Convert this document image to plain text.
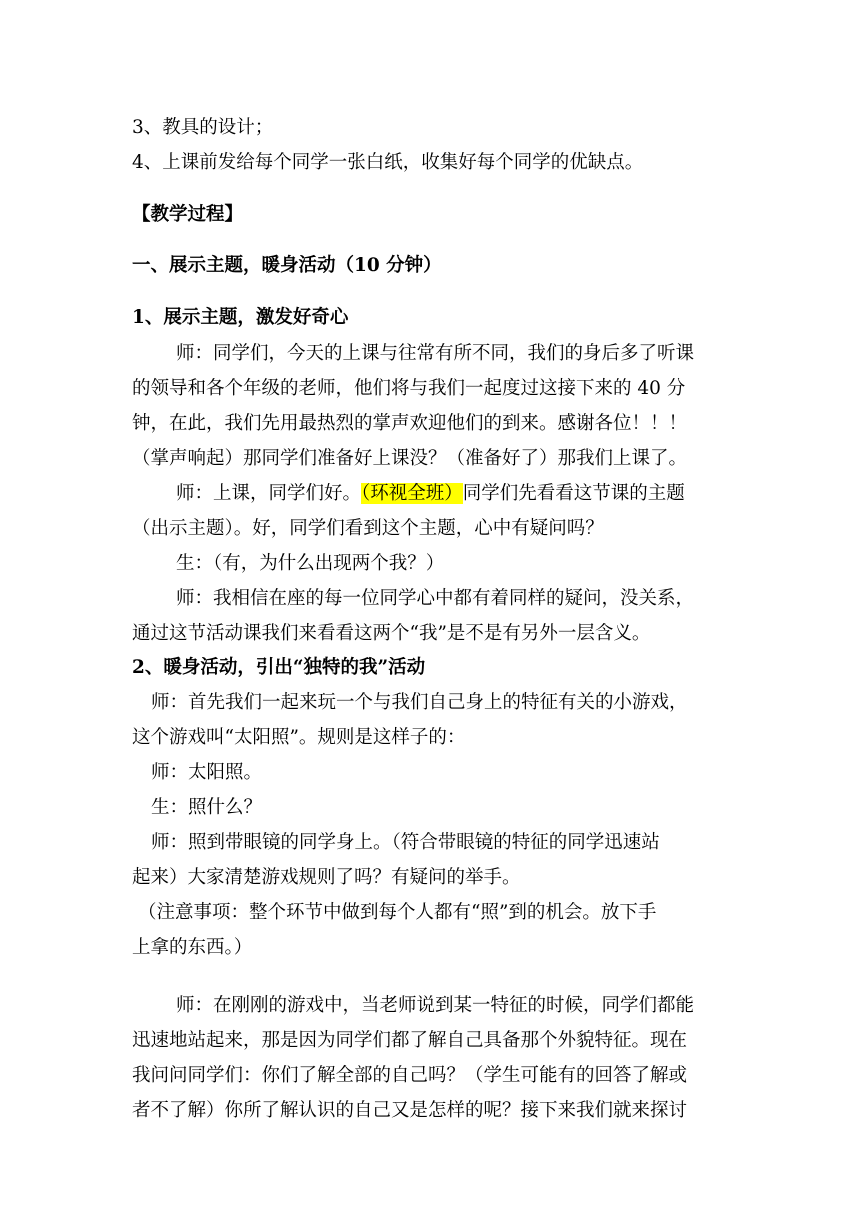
3、教具的设计；
4、上课前发给每个同学一张白纸，收集好每个同学的优缺点。
【教学过程】
一、展示主题，暖身活动（10 分钟）
1、展示主题，激发好奇心
师：同学们，今天的上课与往常有所不同，我们的身后多了听课
的领导和各个年级的老师，他们将与我们一起度过这接下来的 40 分
钟，在此，我们先用最热烈的掌声欢迎他们的到来。感谢各位！！！
（掌声响起）那同学们准备好上课没？（准备好了）那我们上课了。
师：上课，同学们好。（环视全班）同学们先看看这节课的主题
（出示主题）。好，同学们看到这个主题，心中有疑问吗？
生：（有，为什么出现两个我？）
师：我相信在座的每一位同学心中都有着同样的疑问，没关系，
通过这节活动课我们来看看这两个“我”是不是有另外一层含义。
2、暖身活动，引出“独特的我”活动
师：首先我们一起来玩一个与我们自己身上的特征有关的小游戏，
这个游戏叫“太阳照”。规则是这样子的：
师：太阳照。
生：照什么？
师：照到带眼镜的同学身上。（符合带眼镜的特征的同学迅速站
起来）大家清楚游戏规则了吗？有疑问的举手。
（注意事项：整个环节中做到每个人都有“照”到的机会。放下手
上拿的东西。）
师：在刚刚的游戏中，当老师说到某一特征的时候，同学们都能
迅速地站起来，那是因为同学们都了解自己具备那个外貌特征。现在
我问问同学们：你们了解全部的自己吗？（学生可能有的回答了解或
者不了解）你所了解认识的自己又是怎样的呢？接下来我们就来探讨
